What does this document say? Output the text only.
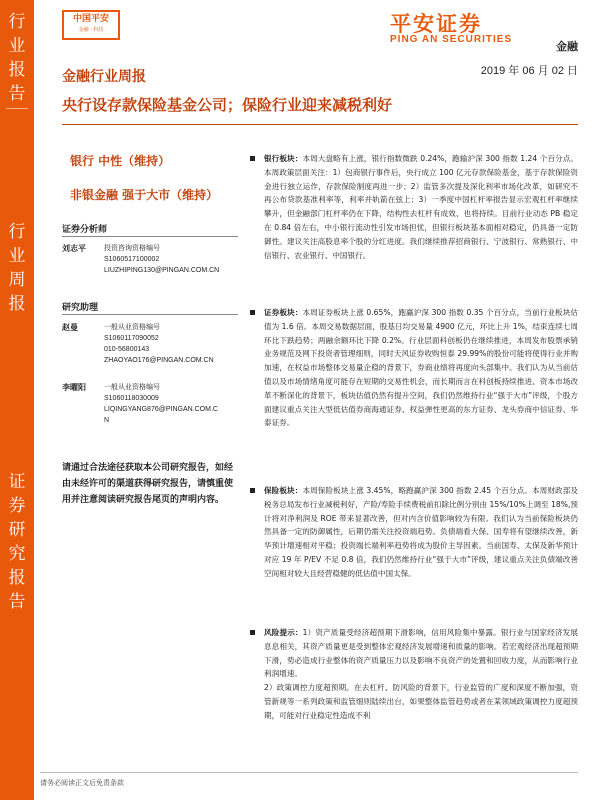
行
业
报
告
行
业
周
报
证
券
研
究
报
告
中国平安
金融 · 科技	平安证券
PING AN SECURITIES
金融
金融行业周报	2019 年 06 月 02 日
央行设存款保险基金公司；保险行业迎来减税利好
银行 中性（维持）
非银金融 强于大市（维持）
证券分析师
刘志平	投资咨询资格编号
S1060517100002
LIUZHIPING130@PINGAN.COM.CN
研究助理
赵曼	一般从业资格编号
S1060117090052
010-56800143
ZHAOYAO176@PINGAN.COM.CN
李曜阳	一般从业资格编号
S1060118030009
LIQINGYANG876@PINGAN.COM.C
N
请通过合法途径获取本公司研究报告，如经由未经许可的渠道获得研究报告，请慎重使用并注意阅读研究报告尾页的声明内容。
银行板块：本周大盘略有上涨，银行指数微跌 0.24%，跑输沪深 300 指数 1.24 个百分点。本周政策层面关注：1）包商银行事件后，央行成立 100 亿元存款保险基金，基于存款保险资金进行独立运作，存款保险制度再进一步；2）监管多次提及深化利率市场化改革，如研究不再公布贷款基准利率等，利率并轨箭在弦上；3）一季度中国杠杆率报告显示宏观杠杆率继续攀升，但金融部门杠杆率仍在下降，结构性去杠杆有成效、也将持续。目前行业动态 PB 稳定在 0.84 倍左右，中小银行流动性引发市场担忧，但银行板块基本面相对稳定，仍具备一定防御性。建议关注高股息率个股的分红进度。我们继续推荐招商银行、宁波银行、常熟银行、中信银行、农业银行、中国银行。
证券板块：本周证券板块上涨 0.65%，跑赢沪深 300 指数 0.35 个百分点，当前行业板块估值为 1.6 倍。本周交易数据层面，股基日均交易量 4900 亿元，环比上升 1%，结束连续七周环比下跌趋势；两融余额环比下降 0.2%。行业层面科创板仍在继续推进，本周发布股票承销业务规范及网下投资者管理细则，同时天风证券收购恒泰 29.99%的股份可能将使得行业并购加速，在权益市场整体交易量企稳的背景下，券商业绩将再度向头部集中。我们认为从当前估值以及市场情绪角度可能存在短期的交易性机会，而长期而言在科创板持续推进、资本市场改革不断深化的背景下，板块估值仍然有提升空间，我们仍然维持行业“强于大市”评级，个股方面建议重点关注大型低估值券商海通证券、权益弹性更高的东方证券、龙头券商中信证券、华泰证券。
保险板块：本周保险板块上涨 3.45%，略跑赢沪深 300 指数 2.45 个百分点。本周财政部及税务总局发布行业减税利好，产险/寿险手续费税前扣除比例分别由 15%/10%上调至 18%,预计将对净利润及 ROE 带来显著改善，但对内含价值影响较为有限。我们认为当前保险板块仍然具备一定的防御属性，后期仍需关注投资端趋势。负债端看大保、国寿将有望继续改善，新华预计增速相对平稳；投资端长端利率趋势将成为股价主导因素。当前国寿、太保及新华预计对应 19 年 P/EV 不足 0.8 倍，我们仍然维持行业“强于大市”评级，建议重点关注负债端改善空间相对较大且经营稳健的低估值中国太保。
风险提示：1）资产质量受经济超预期下滑影响，信用风险集中暴露。银行业与国家经济发展息息相关，其资产质量更是受到整体宏观经济发展增速和质量的影响。若宏观经济出现超预期下滑，势必造成行业整体的资产质量压力以及影响不良资产的处置和回收力度，从而影响行业利润增速。
2）政策调控力度超预期。在去杠杆、防风险的背景下，行业监管的广度和深度不断加强，资管新规等一系列政策和监管细则陆续出台，如果整体监管趋势或者在某领域政策调控力度超预期，可能对行业稳定性造成不利
请务必阅读正文后免责条款
